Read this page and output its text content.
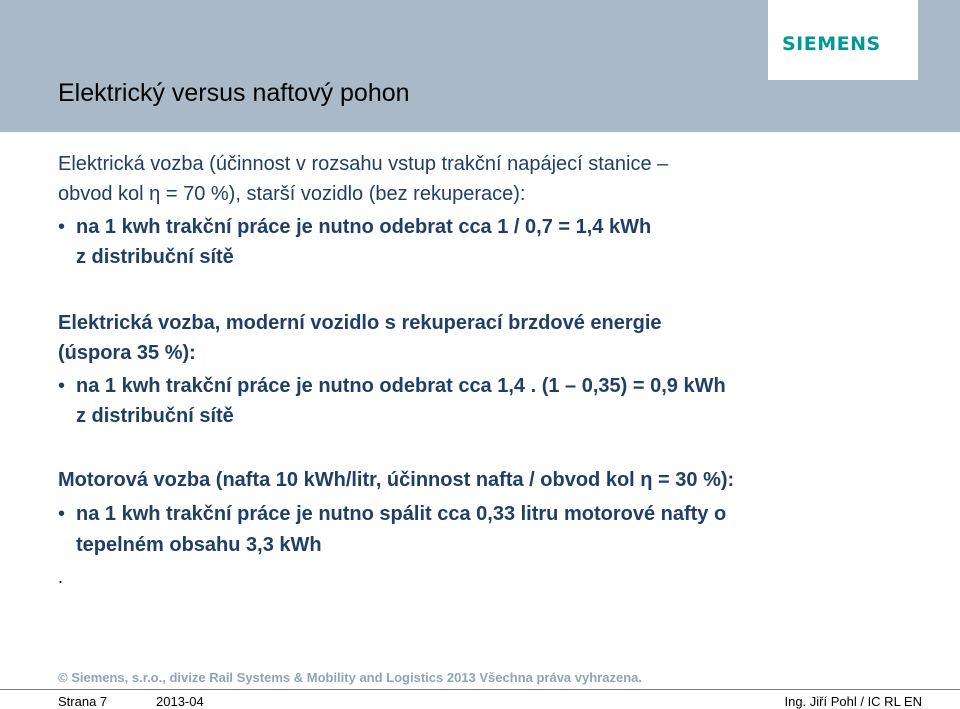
SIEMENS
Elektrický versus naftový pohon
Elektrická vozba (účinnost v rozsahu vstup trakční napájecí stanice –
obvod kol η = 70 %), starší vozidlo (bez rekuperace):
• na 1 kwh trakční práce je nutno odebrat cca 1 / 0,7 = 1,4 kWh
z distribuční sítě
Elektrická vozba, moderní vozidlo s rekuperací brzdové energie
(úspora 35 %):
• na 1 kwh trakční práce je nutno odebrat cca 1,4 . (1 – 0,35) = 0,9 kWh
z distribuční sítě
Motorová vozba (nafta 10 kWh/litr, účinnost nafta / obvod kol η = 30 %):
• na 1 kwh trakční práce je nutno spálit cca 0,33 litru motorové nafty o
tepelném obsahu 3,3 kWh
.
© Siemens, s.r.o., divize Rail Systems & Mobility and Logistics 2013 Všechna práva vyhrazena.
Strana 7	2013-04	Ing. Jiří Pohl / IC RL EN
